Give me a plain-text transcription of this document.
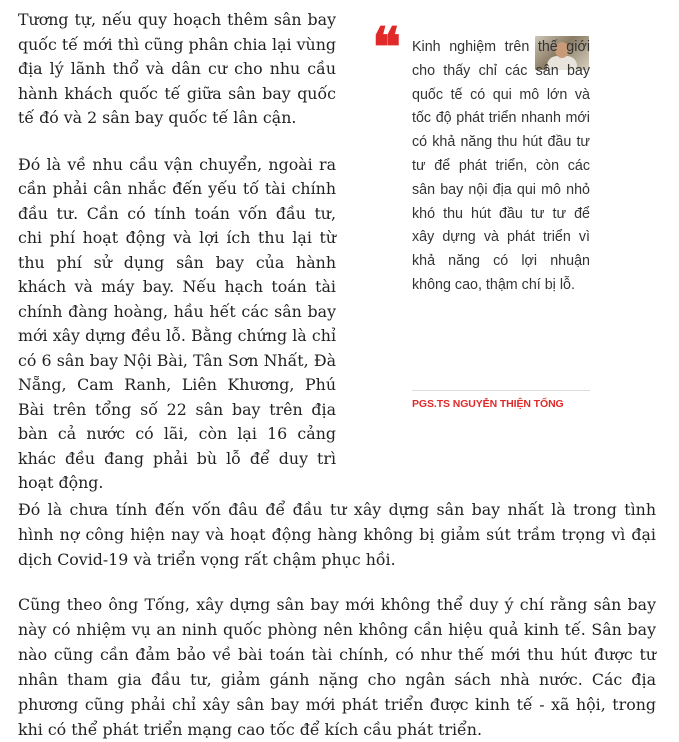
Tương tự, nếu quy hoạch thêm sân bay quốc tế mới thì cũng phân chia lại vùng địa lý lãnh thổ và dân cư cho nhu cầu hành khách quốc tế giữa sân bay quốc tế đó và 2 sân bay quốc tế lân cận.

Đó là về nhu cầu vận chuyển, ngoài ra cần phải cân nhắc đến yếu tố tài chính đầu tư. Cần có tính toán vốn đầu tư, chi phí hoạt động và lợi ích thu lại từ thu phí sử dụng sân bay của hành khách và máy bay. Nếu hạch toán tài chính đàng hoàng, hầu hết các sân bay mới xây dựng đều lỗ. Bằng chứng là chỉ có 6 sân bay Nội Bài, Tân Sơn Nhất, Đà Nẵng, Cam Ranh, Liên Khương, Phú Bài trên tổng số 22 sân bay trên địa bàn cả nước có lãi, còn lại 16 cảng khác đều đang phải bù lỗ để duy trì hoạt động.

❝ Kinh nghiệm trên thế giới cho thấy chỉ các sân bay quốc tế có qui mô lớn và tốc độ phát triển nhanh mới có khả năng thu hút đầu tư tư để phát triển, còn các sân bay nội địa qui mô nhỏ khó thu hút đầu tư tư để xây dựng và phát triển vì khả năng có lợi nhuận không cao, thậm chí bị lỗ.

PGS.TS NGUYỄN THIỆN TỐNG

Đó là chưa tính đến vốn đâu để đầu tư xây dựng sân bay nhất là trong tình hình nợ công hiện nay và hoạt động hàng không bị giảm sút trầm trọng vì đại dịch Covid-19 và triển vọng rất chậm phục hồi.

Cũng theo ông Tống, xây dựng sân bay mới không thể duy ý chí rằng sân bay này có nhiệm vụ an ninh quốc phòng nên không cần hiệu quả kinh tế. Sân bay nào cũng cần đảm bảo về bài toán tài chính, có như thế mới thu hút được tư nhân tham gia đầu tư, giảm gánh nặng cho ngân sách nhà nước. Các địa phương cũng phải chỉ xây sân bay mới phát triển được kinh tế - xã hội, trong khi có thể phát triển mạng cao tốc để kích cầu phát triển.
